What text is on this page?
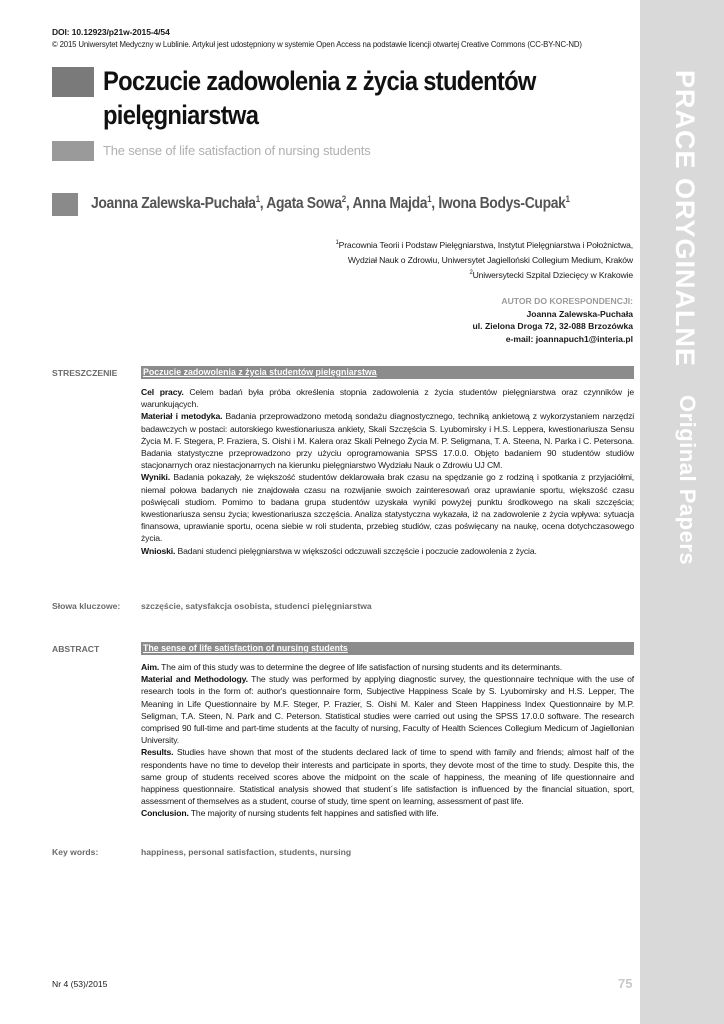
PRACE ORYGINALNE
Original Papers
DOI: 10.12923/p21w-2015-4/54
© 2015 Uniwersytet Medyczny w Lublinie. Artykuł jest udostępniony w systemie Open Access na podstawie licencji otwartej Creative Commons (CC-BY-NC-ND)
Poczucie zadowolenia z życia studentów pielęgniarstwa
The sense of life satisfaction of nursing students
Joanna Zalewska-Puchała$^1$, Agata Sowa$^2$, Anna Majda$^1$, Iwona Bodys-Cupak$^1$
$^1$Pracownia Teorii i Podstaw Pielęgniarstwa, Instytut Pielęgniarstwa i Położnictwa,
Wydział Nauk o Zdrowiu, Uniwersytet Jagielloński Collegium Medium, Kraków
$^2$Uniwersytecki Szpital Dziecięcy w Krakowie
AUTOR DO KORESPONDENCJI:
Joanna Zalewska-Puchała
ul. Zielona Droga 72, 32-088 Brzozówka
e-mail: joannapuch1@interia.pl
STRESZCZENIE	Poczucie zadowolenia z życia studentów pielęgniarstwa

Cel pracy. Celem badań była próba określenia stopnia zadowolenia z życia studentów pielęgniarstwa oraz czynników je warunkujących.

Materiał i metodyka. Badania przeprowadzono metodą sondażu diagnostycznego, techniką ankietową z wykorzystaniem narzędzi badawczych w postaci: autorskiego kwestionariusza ankiety, Skali Szczęścia S. Lyubomirsky i H.S. Leppera, kwestionariusza Sensu Życia M. F. Stegera, P. Fraziera, S. Oishi i M. Kalera oraz Skali Pełnego Życia M. P. Seligmana, T. A. Steena, N. Parka i C. Petersona. Badania statystyczne przeprowadzono przy użyciu oprogramowania SPSS 17.0.0. Objęto badaniem 90 studentów studiów stacjonarnych oraz niestacjonarnych na kierunku pielęgniarstwo Wydziału Nauk o Zdrowiu UJ CM.

Wyniki. Badania pokazały, że większość studentów deklarowała brak czasu na spędzanie go z rodziną i spotkania z przyjaciółmi, niemal połowa badanych nie znajdowała czasu na rozwijanie swoich zainteresowań oraz uprawianie sportu, większość czasu poświęcali studiom. Pomimo to badana grupa studentów uzyskała wyniki powyżej punktu środkowego na skali szczęścia; kwestionariusza sensu życia; kwestionariusza szczęścia. Analiza statystyczna wykazała, iż na zadowolenie z życia wpływa: sytuacja finansowa, uprawianie sportu, ocena siebie w roli studenta, przebieg studiów, czas poświęcany na naukę, ocena dotychczasowego życia.

Wnioski. Badani studenci pielęgniarstwa w większości odczuwali szczęście i poczucie zadowolenia z życia.

Słowa kluczowe: szczęście, satysfakcja osobista, studenci pielęgniarstwa
ABSTRACT	The sense of life satisfaction of nursing students

Aim. The aim of this study was to determine the degree of life satisfaction of nursing students and its determinants.

Material and Methodology. The study was performed by applying diagnostic survey, the questionnaire technique with the use of research tools in the form of: author's questionnaire form, Subjective Happiness Scale by S. Lyubomirsky and H.S. Lepper, The Meaning in Life Questionnaire by M.F. Steger, P. Frazier, S. Oishi M. Kaler and Steen Happiness Index Questionnaire by M.P. Seligman, T.A. Steen, N. Park and C. Peterson. Statistical studies were carried out using the SPSS 17.0.0 software. The research comprised 90 full-time and part-time students at the faculty of nursing, Faculty of Health Sciences Collegium Medicum of Jagiellonian University.

Results. Studies have shown that most of the students declared lack of time to spend with family and friends; almost half of the respondents have no time to develop their interests and participate in sports, they devote most of the time to study. Despite this, the same group of students received scores above the midpoint on the scale of happiness, the meaning of life questionnaire and happiness questionnaire. Statistical analysis showed that student´s life satisfaction is influenced by the financial situation, sport, assessment of themselves as a student, course of study, time spent on learning, assessment of past life.

Conclusion. The majority of nursing students felt happines and satisfied with life.

Key words:	happiness, personal satisfaction, students, nursing
Nr 4 (53)/2015	75
